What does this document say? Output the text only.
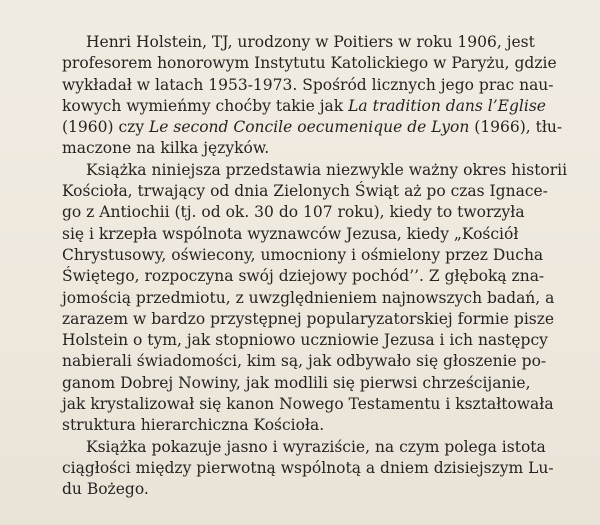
Henri Holstein, TJ, urodzony w Poitiers w roku 1906, jest
profesorem honorowym Instytutu Katolickiego w Paryżu, gdzie
wykładał w latach 1953-1973. Spośród licznych jego prac nau-
kowych wymieńmy choćby takie jak La tradition dans l’Eglise
(1960) czy Le second Concile oecumenique de Lyon (1966), tłu-
maczone na kilka języków.

Książka niniejsza przedstawia niezwykle ważny okres historii
Kościoła, trwający od dnia Zielonych Świąt aż po czas Ignace-
go z Antiochii (tj. od ok. 30 do 107 roku), kiedy to tworzyła
się i krzepła wspólnota wyznawców Jezusa, kiedy „Kościół
Chrystusowy, oświecony, umocniony i ośmielony przez Ducha
Świętego, rozpoczyna swój dziejowy pochód’’. Z głęboką zna-
jomością przedmiotu, z uwzględnieniem najnowszych badań, a
zarazem w bardzo przystępnej popularyzatorskiej formie pisze
Holstein o tym, jak stopniowo uczniowie Jezusa i ich następcy
nabierali świadomości, kim są, jak odbywało się głoszenie po-
ganom Dobrej Nowiny, jak modlili się pierwsi chrześcijanie,
jak krystalizował się kanon Nowego Testamentu i kształtowała
struktura hierarchiczna Kościoła.

Książka pokazuje jasno i wyraziście, na czym polega istota
ciągłości między pierwotną wspólnotą a dniem dzisiejszym Lu-
du Bożego.
